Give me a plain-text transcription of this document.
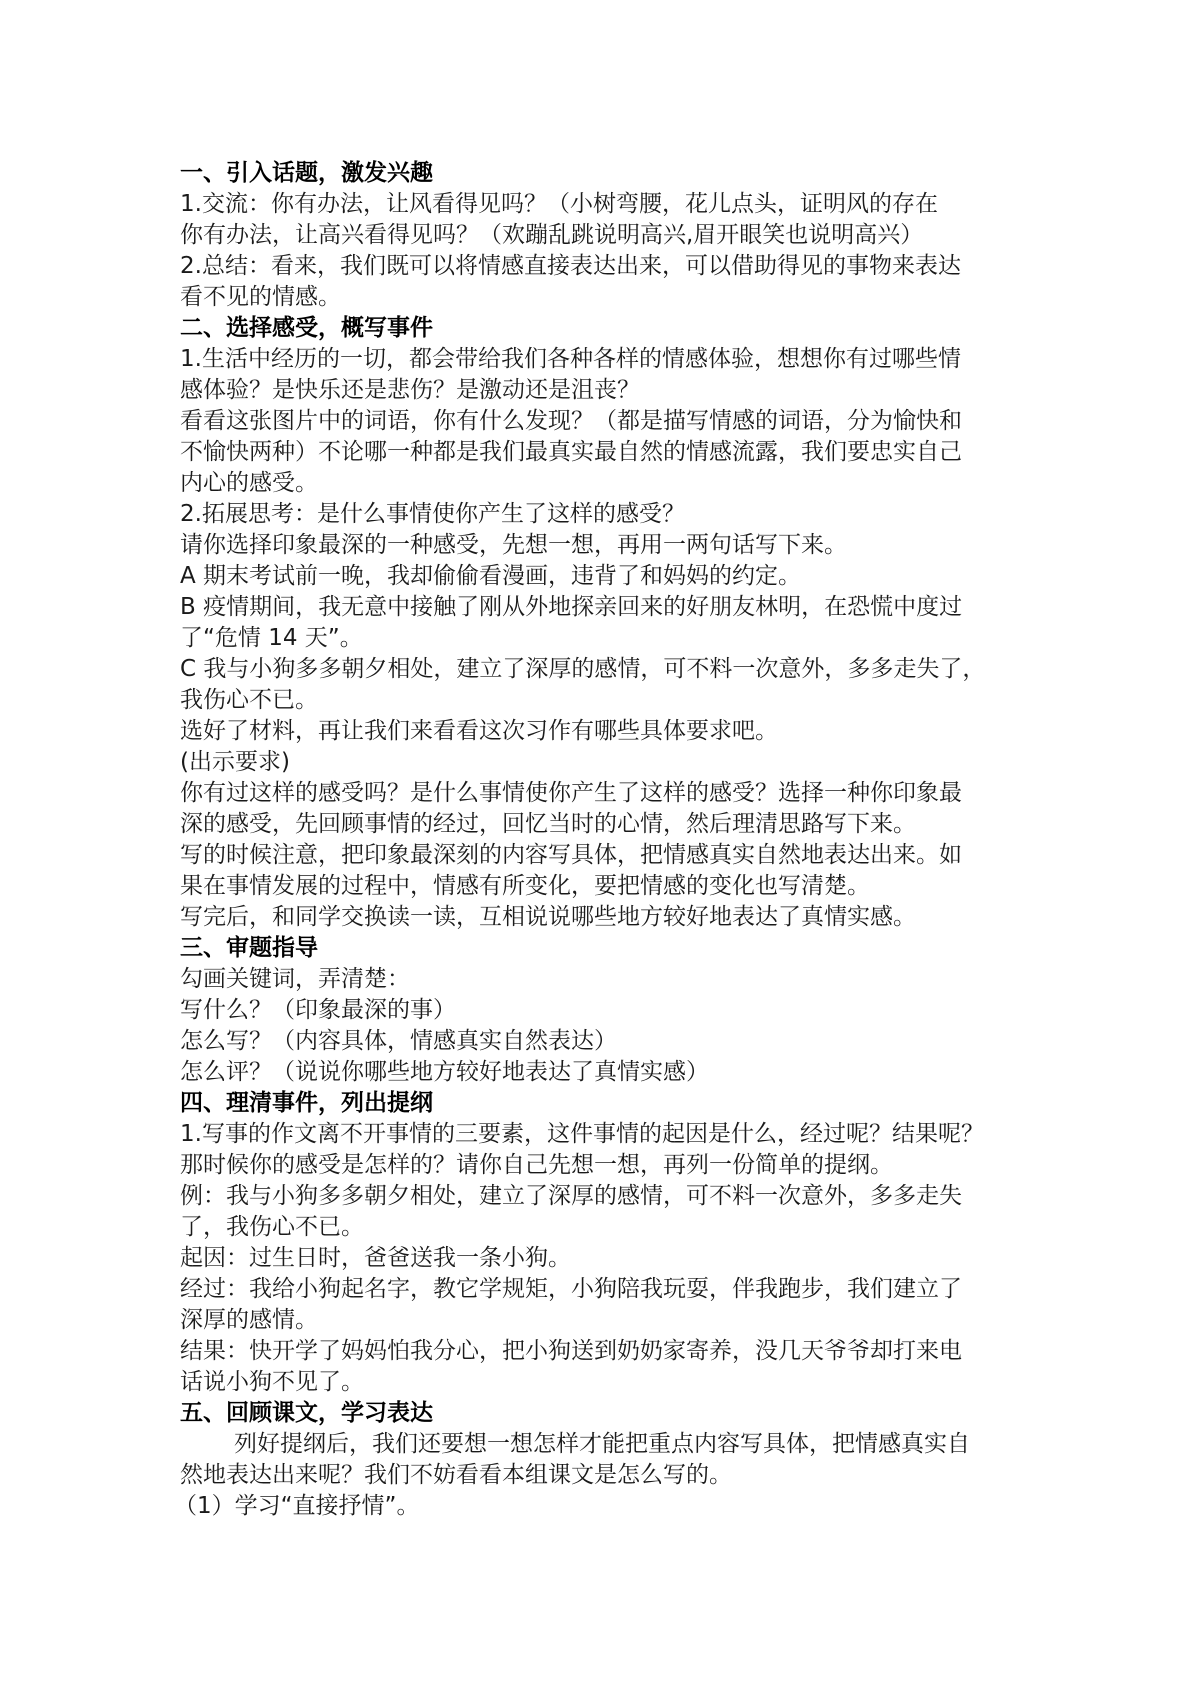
一、引入话题，激发兴趣
1.交流：你有办法，让风看得见吗？（小树弯腰，花儿点头，证明风的存在
你有办法，让高兴看得见吗？（欢蹦乱跳说明高兴,眉开眼笑也说明高兴）
2.总结：看来，我们既可以将情感直接表达出来，可以借助得见的事物来表达
看不见的情感。
二、选择感受，概写事件
1.生活中经历的一切，都会带给我们各种各样的情感体验，想想你有过哪些情
感体验？是快乐还是悲伤？是激动还是沮丧？
看看这张图片中的词语，你有什么发现？（都是描写情感的词语，分为愉快和
不愉快两种）不论哪一种都是我们最真实最自然的情感流露，我们要忠实自己
内心的感受。
2.拓展思考：是什么事情使你产生了这样的感受？
请你选择印象最深的一种感受，先想一想，再用一两句话写下来。
A 期末考试前一晚，我却偷偷看漫画，违背了和妈妈的约定。
B 疫情期间，我无意中接触了刚从外地探亲回来的好朋友林明，在恐慌中度过
了“危情 14 天”。
C 我与小狗多多朝夕相处，建立了深厚的感情，可不料一次意外，多多走失了，
我伤心不已。
选好了材料，再让我们来看看这次习作有哪些具体要求吧。
(出示要求)
你有过这样的感受吗？是什么事情使你产生了这样的感受？选择一种你印象最
深的感受，先回顾事情的经过，回忆当时的心情，然后理清思路写下来。
写的时候注意，把印象最深刻的内容写具体，把情感真实自然地表达出来。如
果在事情发展的过程中，情感有所变化，要把情感的变化也写清楚。
写完后，和同学交换读一读，互相说说哪些地方较好地表达了真情实感。
三、审题指导
勾画关键词，弄清楚：
写什么？（印象最深的事）
怎么写？（内容具体，情感真实自然表达）
怎么评？（说说你哪些地方较好地表达了真情实感）
四、理清事件，列出提纲
1.写事的作文离不开事情的三要素，这件事情的起因是什么，经过呢？结果呢？
那时候你的感受是怎样的？请你自己先想一想，再列一份简单的提纲。
例：我与小狗多多朝夕相处，建立了深厚的感情，可不料一次意外，多多走失
了，我伤心不已。
起因：过生日时，爸爸送我一条小狗。
经过：我给小狗起名字，教它学规矩，小狗陪我玩耍，伴我跑步，我们建立了
深厚的感情。
结果：快开学了妈妈怕我分心，把小狗送到奶奶家寄养，没几天爷爷却打来电
话说小狗不见了。
五、回顾课文，学习表达
列好提纲后，我们还要想一想怎样才能把重点内容写具体，把情感真实自
然地表达出来呢？我们不妨看看本组课文是怎么写的。
（1）学习“直接抒情”。
